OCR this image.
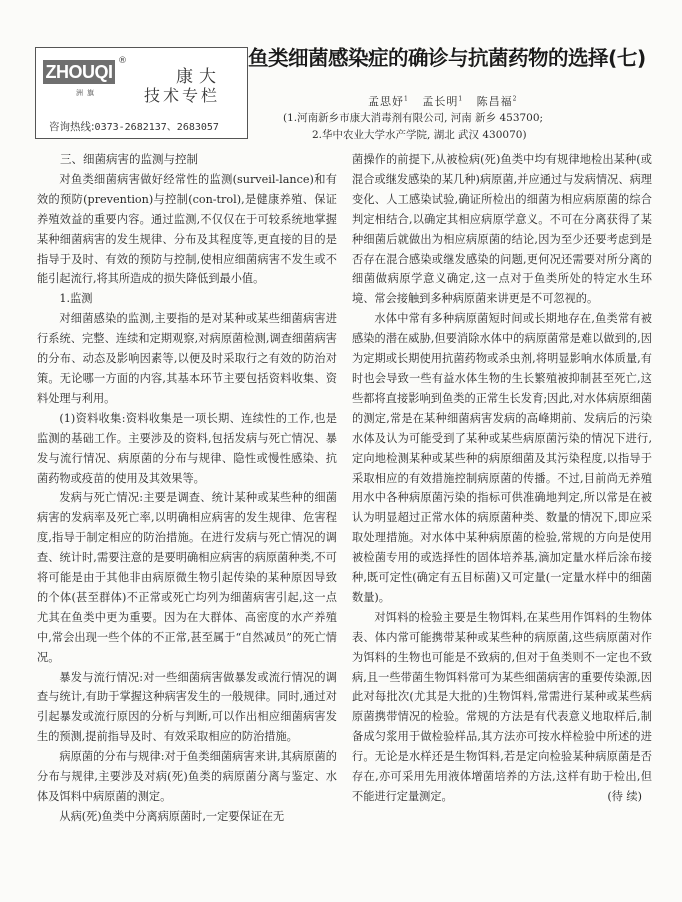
ZHOUQI
®
洲旗
康大
技术专栏
咨询热线:0373-2682137、2683057
鱼类细菌感染症的确诊与抗菌药物的选择(七)
孟思妤$^1$ 孟长明$^1$ 陈昌福$^2$
(1.河南新乡市康大消毒剂有限公司, 河南 新乡 453700;
2.华中农业大学水产学院, 湖北 武汉 430070)
三、细菌病害的监测与控制

对鱼类细菌病害做好经常性的监测(surveil-lance)和有效的预防(prevention)与控制(con-trol),是健康养殖、保证养殖效益的重要内容。通过监测,不仅仅在于可较系统地掌握某种细菌病害的发生规律、分布及其程度等,更直接的目的是指导于及时、有效的预防与控制,使相应细菌病害不发生或不能引起流行,将其所造成的损失降低到最小值。

1.监测

对细菌感染的监测,主要指的是对某种或某些细菌病害进行系统、完整、连续和定期观察,对病原菌检测,调查细菌病害的分布、动态及影响因素等,以便及时采取行之有效的防治对策。无论哪一方面的内容,其基本环节主要包括资料收集、资料处理与利用。

(1)资料收集:资料收集是一项长期、连续性的工作,也是监测的基础工作。主要涉及的资料,包括发病与死亡情况、暴发与流行情况、病原菌的分布与规律、隐性或慢性感染、抗菌药物或疫苗的使用及其效果等。

发病与死亡情况:主要是调查、统计某种或某些种的细菌病害的发病率及死亡率,以明确相应病害的发生规律、危害程度,指导于制定相应的防治措施。在进行发病与死亡情况的调查、统计时,需要注意的是要明确相应病害的病原菌种类,不可将可能是由于其他非由病原微生物引起传染的某种原因导致的个体(甚至群体)不正常或死亡均列为细菌病害引起,这一点尤其在鱼类中更为重要。因为在大群体、高密度的水产养殖中,常会出现一些个体的不正常,甚至属于“自然减员”的死亡情况。

暴发与流行情况:对一些细菌病害做暴发或流行情况的调查与统计,有助于掌握这种病害发生的一般规律。同时,通过对引起暴发或流行原因的分析与判断,可以作出相应细菌病害发生的预测,提前指导及时、有效采取相应的防治措施。

病原菌的分布与规律:对于鱼类细菌病害来讲,其病原菌的分布与规律,主要涉及对病(死)鱼类的病原菌分离与鉴定、水体及饵料中病原菌的测定。

从病(死)鱼类中分离病原菌时,一定要保证在无

菌操作的前提下,从被检病(死)鱼类中均有规律地检出某种(或混合或继发感染的某几种)病原菌,并应通过与发病情况、病理变化、人工感染试验,确证所检出的细菌为相应病原菌的综合判定相结合,以确定其相应病原学意义。不可在分离获得了某种细菌后就做出为相应病原菌的结论,因为至少还要考虑到是否存在混合感染或继发感染的问题,更何况还需要对所分离的细菌做病原学意义确定,这一点对于鱼类所处的特定水生环境、常会接触到多种病原菌来讲更是不可忽视的。

水体中常有多种病原菌短时间或长期地存在,鱼类常有被感染的潜在威胁,但要消除水体中的病原菌常是难以做到的,因为定期或长期使用抗菌药物或杀虫剂,将明显影响水体质量,有时也会导致一些有益水体生物的生长繁殖被抑制甚至死亡,这些都将直接影响到鱼类的正常生长发育;因此,对水体病原细菌的测定,常是在某种细菌病害发病的高峰期前、发病后的污染水体及认为可能受到了某种或某些病原菌污染的情况下进行,定向地检测某种或某些种的病原细菌及其污染程度,以指导于采取相应的有效措施控制病原菌的传播。不过,目前尚无养殖用水中各种病原菌污染的指标可供准确地判定,所以常是在被认为明显超过正常水体的病原菌种类、数量的情况下,即应采取处理措施。对水体中某种病原菌的检验,常规的方向是使用被检菌专用的或选择性的固体培养基,滴加定量水样后涂布接种,既可定性(确定有五目标菌)又可定量(一定量水样中的细菌数量)。

对饵料的检验主要是生物饵料,在某些用作饵料的生物体表、体内常可能携带某种或某些种的病原菌,这些病原菌对作为饵料的生物也可能是不致病的,但对于鱼类则不一定也不致病,且一些带菌生物饵料常可为某些细菌病害的重要传染源,因此对每批次(尤其是大批的)生物饵料,常需进行某种或某些病原菌携带情况的检验。常规的方法是有代表意义地取样后,制备成匀浆用于做检验样品,其方法亦可按水样检验中所述的进行。无论是水样还是生物饵料,若是定向检验某种病原菌是否存在,亦可采用先用液体增菌培养的方法,这样有助于检出,但不能进行定量测定。	(待 续)
